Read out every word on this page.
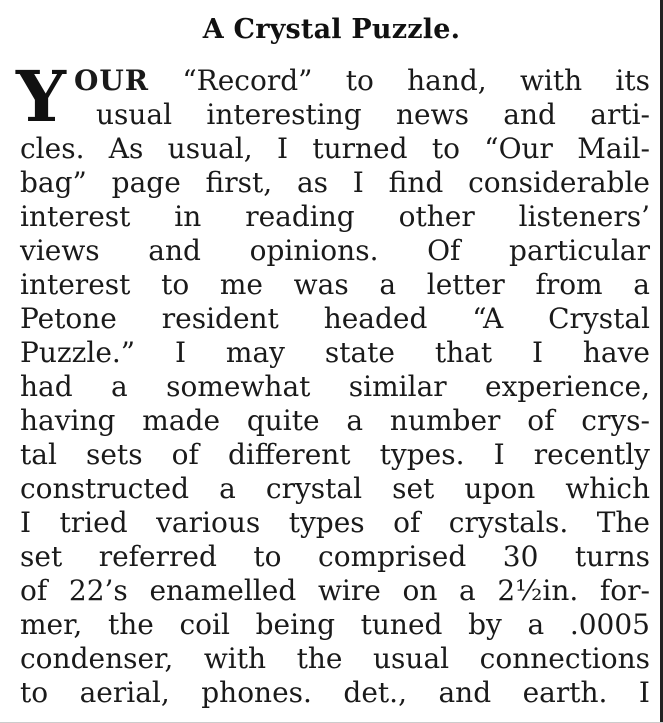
A Crystal Puzzle.
Y OUR “Record” to hand, with its
usual interesting news and arti-
cles. As usual, I turned to “Our Mail-
bag” page first, as I find considerable
interest in reading other listeners’
views and opinions. Of particular
interest to me was a letter from a
Petone resident headed “A Crystal
Puzzle.” I may state that I have
had a somewhat similar experience,
having made quite a number of crys-
tal sets of different types. I recently
constructed a crystal set upon which
I tried various types of crystals. The
set referred to comprised 30 turns
of 22’s enamelled wire on a 2½in. for-
mer, the coil being tuned by a .0005
condenser, with the usual connections
to aerial, phones. det., and earth. I
